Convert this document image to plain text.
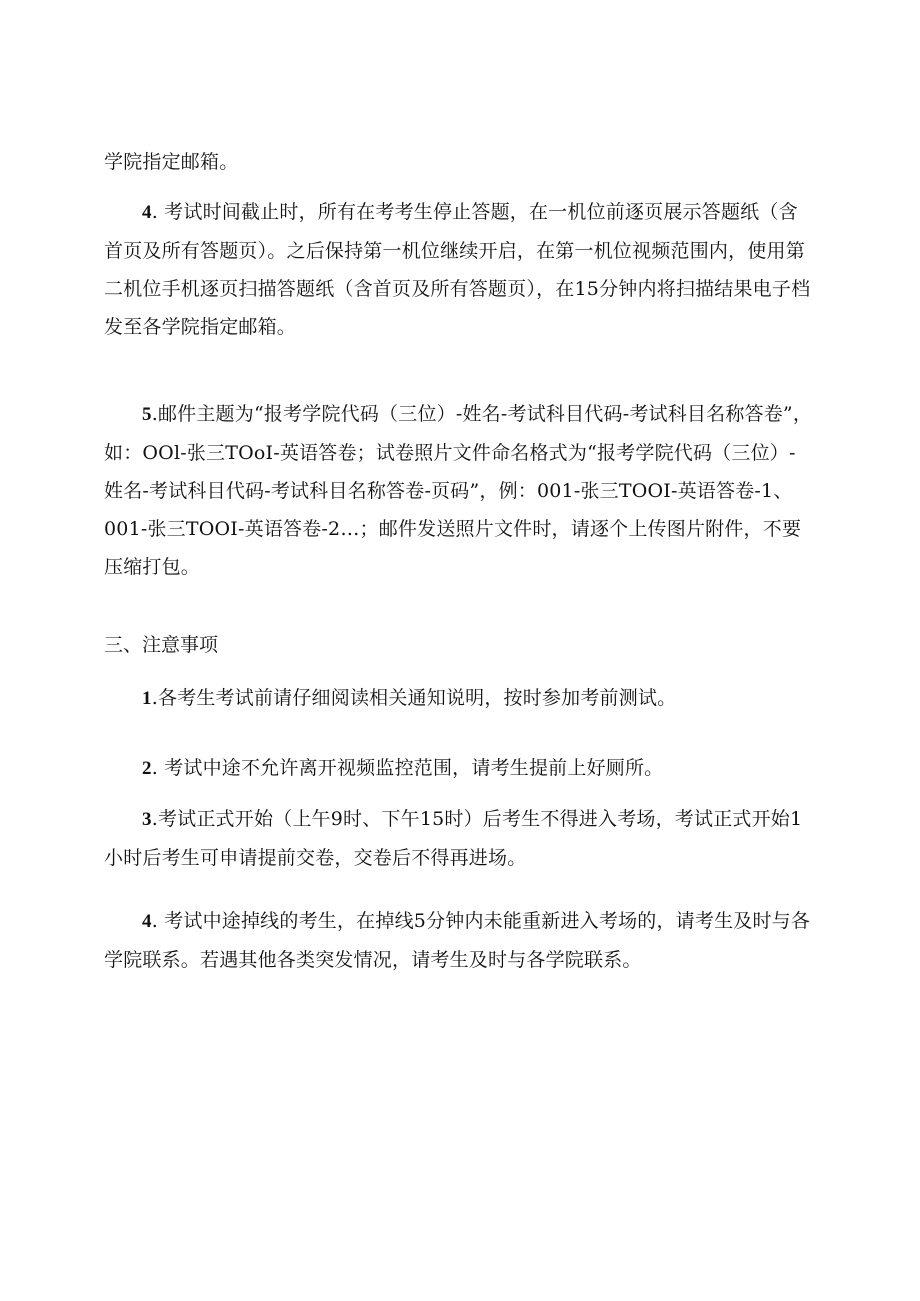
学院指定邮箱。

4. 考试时间截止时，所有在考考生停止答题，在一机位前逐页展示答题纸（含首页及所有答题页）。之后保持第一机位继续开启，在第一机位视频范围内，使用第二机位手机逐页扫描答题纸（含首页及所有答题页），在15分钟内将扫描结果电子档发至各学院指定邮箱。

5.邮件主题为“报考学院代码（三位）-姓名-考试科目代码-考试科目名称答卷”，如：OOl-张三TOoI-英语答卷；试卷照片文件命名格式为“报考学院代码（三位）-姓名-考试科目代码-考试科目名称答卷-页码”，例：001-张三TOOI-英语答卷-1、001-张三TOOI-英语答卷-2…；邮件发送照片文件时，请逐个上传图片附件，不要压缩打包。

三、注意事项

1.各考生考试前请仔细阅读相关通知说明，按时参加考前测试。

2. 考试中途不允许离开视频监控范围，请考生提前上好厕所。

3.考试正式开始（上午9时、下午15时）后考生不得进入考场，考试正式开始1小时后考生可申请提前交卷，交卷后不得再进场。

4. 考试中途掉线的考生，在掉线5分钟内未能重新进入考场的，请考生及时与各学院联系。若遇其他各类突发情况，请考生及时与各学院联系。
